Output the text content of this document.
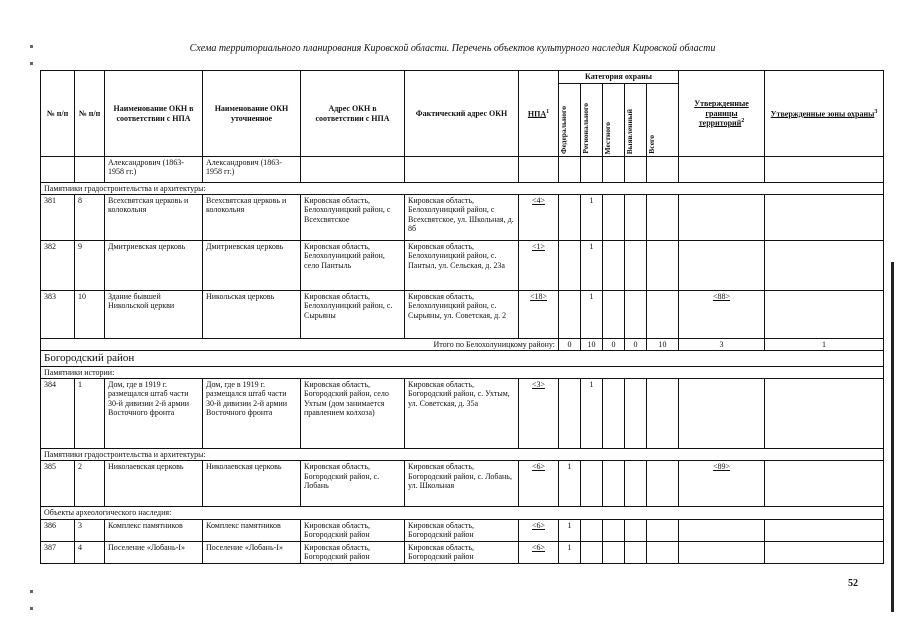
Схема территориального планирования Кировской области. Перечень объектов культурного наследия Кировской области
№ п/п	№ п/п	Наименование ОКН в соответствии с НПА	Наименование ОКН уточненное	Адрес ОКН в соответствии с НПА	Фактический адрес ОКН	НПА$^1$	Категория охраны					Утвержденные границы территорий$^2$	Утвержденные зоны охраны$^3$

							Федерального	Регионального	Местного	Выявленный	Всего		

		Александрович (1863-1958 гг.)	Александрович (1863-1958 гг.)										
Памятники градостроительства и архитектуры:													
381	8	Всехсвятская церковь и колокольня	Всехсвятская церковь и колокольня	Кировская область, Белохолуницкий район, с Всехсвятское	Кировская область, Белохолуницкий район, с Всехсвятское, ул. Школьная, д. 8б	<4>		1					
382	9	Дмитриевская церковь	Дмитриевская церковь	Кировская область, Белохолуницкий район, село Пантыль	Кировская область, Белохолуницкий район, с. Пантыл, ул. Сельская, д. 23а	<1>		1					
383	10	Здание бывшей Никольской церкви	Никольская церковь	Кировская область, Белохолуницкий район, с. Сырьяны	Кировская область, Белохолуницкий район, с. Сырьяны, ул. Советская, д. 2	<18>		1				<88>	
Итого по Белохолуницкому району:							0	10	0	0	10	3	1
Богородский район													
Памятники истории:													
384	1	Дом, где в 1919 г. размещался штаб части 30-й дивизии 2-й армии Восточного фронта	Дом, где в 1919 г. размещался штаб части 30-й дивизии 2-й армии Восточного фронта	Кировская область, Богородский район, село Ухтым (дом занимается правлением колхоза)	Кировская область, Богородский район, с. Ухтым, ул. Советская, д. 35а	<3>		1					
Памятники градостроительства и архитектуры:													
385	2	Николаевская церковь	Николаевская церковь	Кировская область, Богородский район, с. Лобань	Кировская область, Богородский район, с. Лобань, ул. Школьная	<6>	1					<89>	
Объекты археологического наследия:													
386	3	Комплекс памятников	Комплекс памятников	Кировская область, Богородский район	Кировская область, Богородский район	<6>	1						
387	4	Поселение «Лобань-I»	Поселение «Лобань-I»	Кировская область, Богородский район	Кировская область, Богородский район	<6>	1						
52
